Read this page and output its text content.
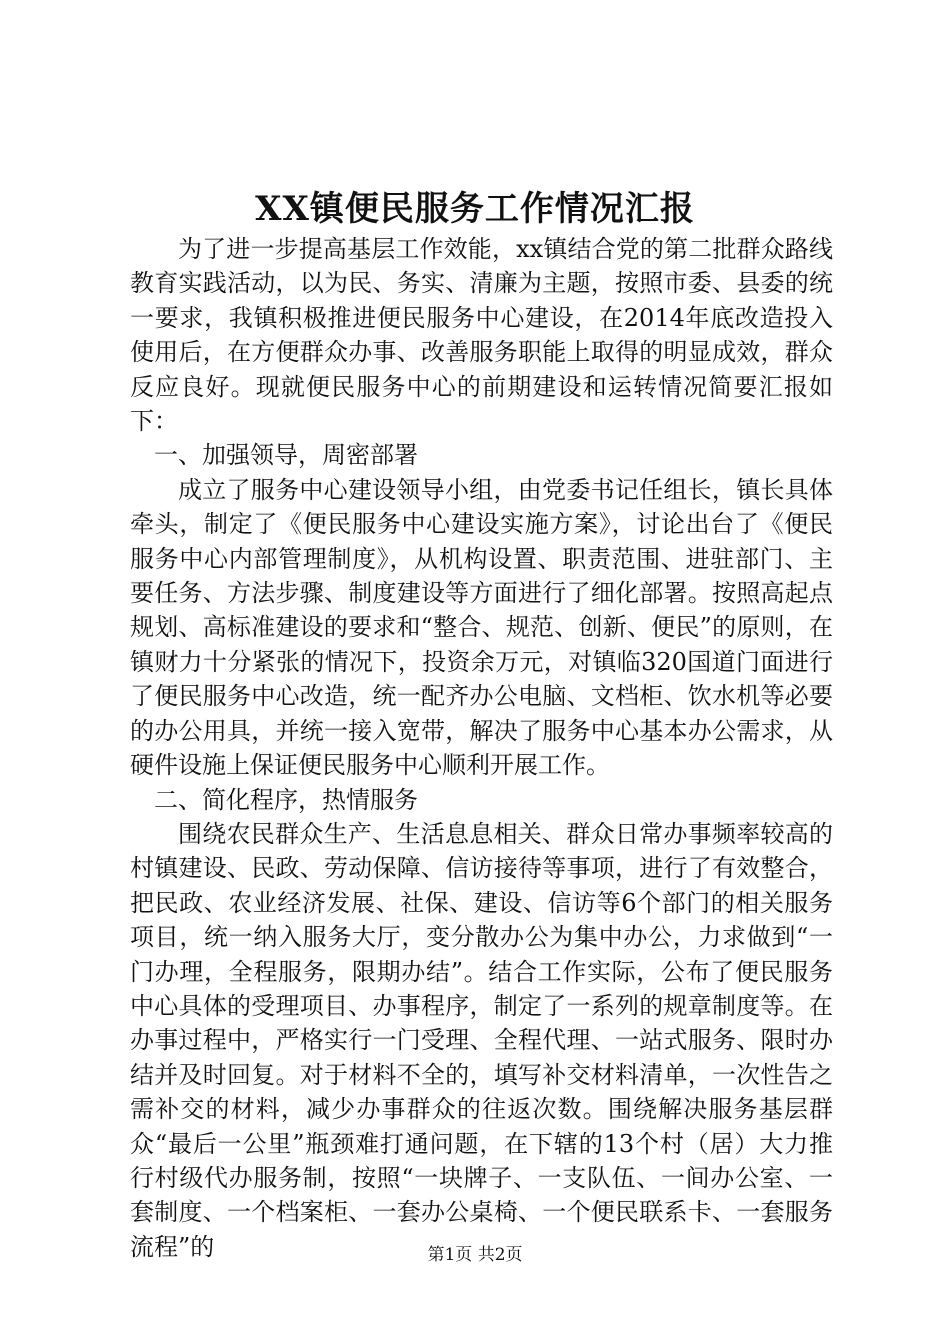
XX镇便民服务工作情况汇报

为了进一步提高基层工作效能，xx镇结合党的第二批群众路线教育实践活动，以为民、务实、清廉为主题，按照市委、县委的统一要求，我镇积极推进便民服务中心建设，在2014年底改造投入使用后，在方便群众办事、改善服务职能上取得的明显成效，群众反应良好。现就便民服务中心的前期建设和运转情况简要汇报如下：

一、加强领导，周密部署

成立了服务中心建设领导小组，由党委书记任组长，镇长具体牵头，制定了《便民服务中心建设实施方案》，讨论出台了《便民服务中心内部管理制度》，从机构设置、职责范围、进驻部门、主要任务、方法步骤、制度建设等方面进行了细化部署。按照高起点规划、高标准建设的要求和“整合、规范、创新、便民”的原则，在镇财力十分紧张的情况下，投资余万元，对镇临320国道门面进行了便民服务中心改造，统一配齐办公电脑、文档柜、饮水机等必要的办公用具，并统一接入宽带，解决了服务中心基本办公需求，从硬件设施上保证便民服务中心顺利开展工作。

二、简化程序，热情服务

围绕农民群众生产、生活息息相关、群众日常办事频率较高的村镇建设、民政、劳动保障、信访接待等事项，进行了有效整合，把民政、农业经济发展、社保、建设、信访等6个部门的相关服务项目，统一纳入服务大厅，变分散办公为集中办公，力求做到“一门办理，全程服务，限期办结”。结合工作实际，公布了便民服务中心具体的受理项目、办事程序，制定了一系列的规章制度等。在办事过程中，严格实行一门受理、全程代理、一站式服务、限时办结并及时回复。对于材料不全的，填写补交材料清单，一次性告之需补交的材料，减少办事群众的往返次数。围绕解决服务基层群众“最后一公里”瓶颈难打通问题，在下辖的13个村（居）大力推行村级代办服务制，按照“一块牌子、一支队伍、一间办公室、一套制度、一个档案柜、一套办公桌椅、一个便民联系卡、一套服务流程”的	第1页 共2页
